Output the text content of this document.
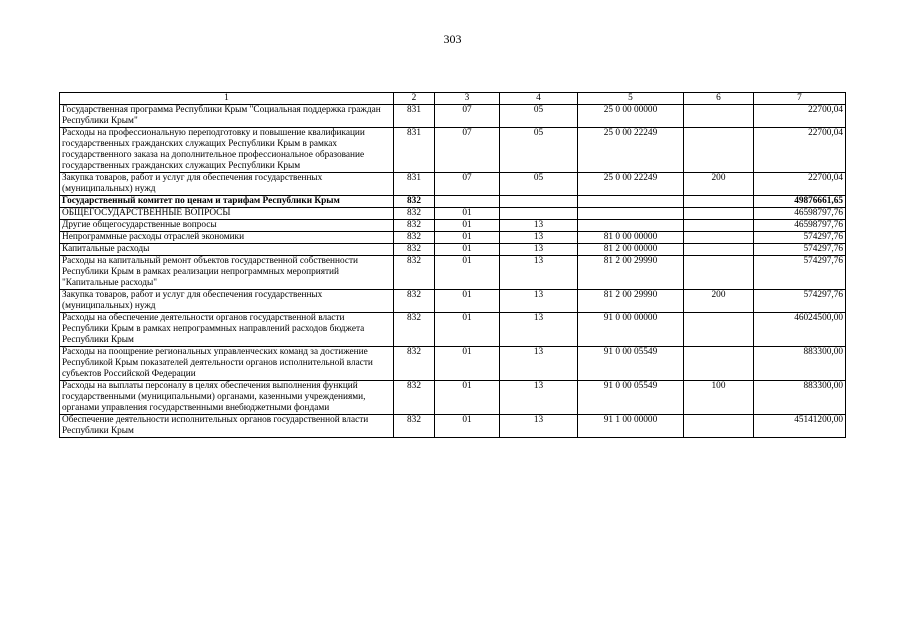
303
1	2	3	4	5	6	7
Государственная программа Республики Крым "Социальная поддержка граждан Республики Крым"	831	07	05	25 0 00 00000		22700,04
Расходы на профессиональную переподготовку и повышение квалификации государственных гражданских служащих Республики Крым в рамках государственного заказа на дополнительное профессиональное образование государственных гражданских служащих Республики Крым	831	07	05	25 0 00 22249		22700,04
Закупка товаров, работ и услуг для обеспечения государственных (муниципальных) нужд	831	07	05	25 0 00 22249	200	22700,04
Государственный комитет по ценам и тарифам Республики Крым	832					49876661,65
ОБЩЕГОСУДАРСТВЕННЫЕ ВОПРОСЫ	832	01				46598797,76
Другие общегосударственные вопросы	832	01	13			46598797,76
Непрограммные расходы отраслей экономики	832	01	13	81 0 00 00000		574297,76
Капитальные расходы	832	01	13	81 2 00 00000		574297,76
Расходы на капитальный ремонт объектов государственной собственности Республики Крым в рамках реализации непрограммных мероприятий "Капитальные расходы"	832	01	13	81 2 00 29990		574297,76
Закупка товаров, работ и услуг для обеспечения государственных (муниципальных) нужд	832	01	13	81 2 00 29990	200	574297,76
Расходы на обеспечение деятельности органов государственной власти Республики Крым в рамках непрограммных направлений расходов бюджета Республики Крым	832	01	13	91 0 00 00000		46024500,00
Расходы на поощрение региональных управленческих команд за достижение Республикой Крым показателей деятельности органов исполнительной власти субъектов Российской Федерации	832	01	13	91 0 00 05549		883300,00
Расходы на выплаты персоналу в целях обеспечения выполнения функций государственными (муниципальными) органами, казенными учреждениями, органами управления государственными внебюджетными фондами	832	01	13	91 0 00 05549	100	883300,00
Обеспечение деятельности исполнительных органов государственной власти Республики Крым	832	01	13	91 1 00 00000		45141200,00
